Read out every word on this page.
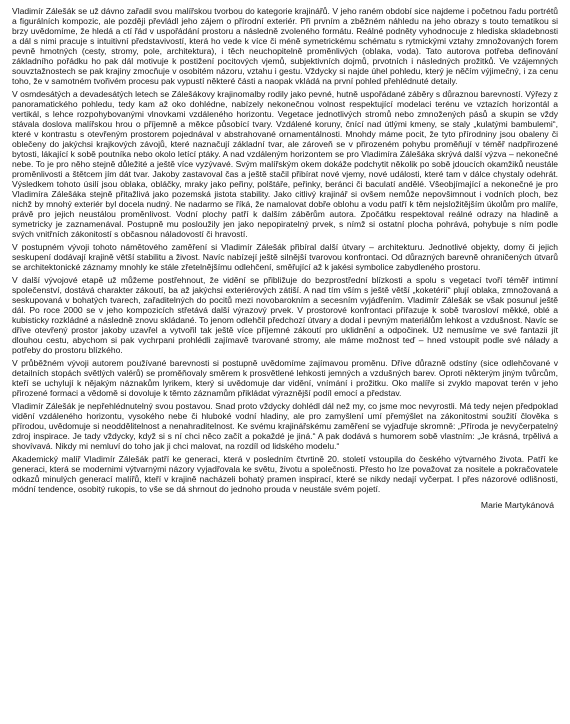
Vladimír Zálešák se už dávno zařadil svou malířskou tvorbou do kategorie krajinářů. V jeho raném období sice najdeme i početnou řadu portrétů a figurálních kompozic, ale později převládl jeho zájem o přírodní exteriér. Při prvním a zběžném náhledu na jeho obrazy s touto tematikou si brzy uvědomíme, že hledá a ctí řád v uspořádání prostoru a následně zvoleného formátu. Reálné podněty vyhodnocuje z hlediska skladebnosti a dál s nimi pracuje s intuitivní představivostí, která ho vede k více či méně symetrickému schématu s rytmickými vztahy zmnožovaných forem pevně hmotných (cesty, stromy, pole, architektura), i těch neuchopitelně proměnlivých (oblaka, voda). Tato autorova potřeba definování základního pořádku ho pak dál motivuje k postižení pocitových vjemů, subjektivních dojmů, prvotních i následných prožitků. Ve vzájemných souvztažnostech se pak krajiny zmocňuje v osobitém názoru, vztahu i gestu. Vždycky si najde úhel pohledu, který je něčím výjimečný, i za cenu toho, že v samotném tvořivém procesu pak vypustí některé části a naopak vkládá na první pohled přehlédnuté detaily.

V osmdesátých a devadesátých letech se Zálešákovy krajinomalby rodily jako pevné, hutně uspořádané záběry s důraznou barevností. Výřezy z panoramatického pohledu, tedy kam až oko dohlédne, nabízely nekonečnou volnost respektující modelaci terénu ve vztazích horizontál a vertikál, s lehce rozpohybovanými vlnovkami vzdáleného horizontu. Vegetace jednotlivých stromů nebo zmnožených pásů a skupin se vždy stávala doslova malířskou hrou o příjemně a měkce působící tvary. Vzdálené koruny, čnící nad útlými kmeny, se staly „kulatými bambulemi“, které v kontrastu s otevřeným prostorem pojednával v abstrahované ornamentálnosti. Mnohdy máme pocit, že tyto přírodniny jsou obaleny či oblečeny do jakýchsi krajkových závojů, které naznačují základní tvar, ale zároveň se v přirozeném pohybu proměňují v téměř nadpřirozené bytosti, lákající k sobě poutníka nebo okolo letící ptáky. A nad vzdáleným horizontem se pro Vladimíra Zálešáka skrývá další výzva – nekonečné nebe. To je pro něho stejně důležité a ještě více vyzývavé. Svým malířským okem dokáže podchytit několik po sobě jdoucích okamžiků neustále proměnlivosti a štětcem jím dát tvar. Jakoby zastavoval čas a ještě stačil přibírat nové vjemy, nové události, které tam v dálce chystaly odehrát. Výsledkem tohoto úsilí jsou oblaka, obláčky, mraky jako peřiny, polštáře, peřinky, beránci či baculatí andělé. Všeobjímající a nekonečné je pro Vladimíra Zálešáka stejně přitažlivá jako pozemská jistota stability. Jako citlivý krajinář si ovšem nemůže nepovšimnout i vodních ploch, bez nichž by mnohý exteriér byl docela nudný. Ne nadarmo se říká, že namalovat dobře oblohu a vodu patří k těm nejsložitějším úkolům pro malíře, právě pro jejich neustálou proměnlivost. Vodní plochy patří k dalším záběrům autora. Zpočátku respektoval reálné odrazy na hladině a symetricky je zaznamenával. Postupně mu posloužily jen jako nepopiratelný prvek, s nímž si ostatní plocha pohrává, pohybuje s ním podle svých vnitřních zákonitostí s občasnou náladovostí či hravostí.

V postupném vývoji tohoto námětového zaměření si Vladimír Zálešák přibíral další útvary – architekturu. Jednotlivé objekty, domy či jejich seskupení dodávají krajině větší stabilitu a živost. Navíc nabízejí ještě silnější tvarovou konfrontaci. Od důrazných barevně ohraničených útvarů se architektonické záznamy mnohly ke stále zřetelnějšímu odlehčení, směřující až k jakési symbolice zabydleného prostoru.

V další vývojové etapě už můžeme postřehnout, že vidění se přibližuje do bezprostřední blízkosti a spolu s vegetací tvoří téměř intimní společenství, dostává charakter zákoutí, ba až jakýchsi exteriérových zátiší. A nad tím vším s ještě větší „koketérií“ plují oblaka, zmnožovaná a seskupovaná v bohatých tvarech, zařaditelných do pocitů mezi novobarokním a secesním vyjádřením. Vladimír Zálešák se však posunul ještě dál. Po roce 2000 se v jeho kompozicích střetává další výrazový prvek. V prostorové konfrontaci přiřazuje k sobě tvarosloví měkké, oblé a kubisticky rozkládné a následně znovu skládané. To jenom odlehčil předchozí útvary a dodal i pevným materiálům lehkost a vzdušnost. Navíc se dříve otevřený prostor jakoby uzavřel a vytvořil tak ještě více příjemné zákoutí pro uklidnění a odpočinek. Už nemusíme ve své fantazii jít dlouhou cestu, abychom si pak vychrpani prohlédli zajímavě tvarované stromy, ale máme možnost teď – hned vstoupit podle své nálady a potřeby do prostoru blízkého.

V průběžném vývoji autorem používané barevnosti si postupně uvědomíme zajímavou proměnu. Dříve důrazně odstíny (sice odlehčované v detailních stopách světlých valérů) se proměňovaly směrem k prosvětlené lehkosti jemných a vzdušných barev. Oproti některým jiným tvůrcům, kteří se uchylují k nějakým náznakům lyrikem, který si uvědomuje dar vidění, vnímání i prožitku. Oko malíře si zvyklo mapovat terén v jeho přirozené formaci a vědomě si dovoluje k těmto záznamům přikládat výraznější podíl emocí a představ.

Vladimír Zálešák je nepřehlédnutelný svou postavou. Snad proto vždycky dohlédl dál než my, co jsme moc nevyrostli. Má tedy nejen předpoklad vidění vzdáleného horizontu, vysokého nebe či hluboké vodní hladiny, ale pro zamyšlení umí přemýšlet na zákonitostmi soužití člověka s přírodou, uvědomuje si neoddělitelnost a nenahraditelnost. Ke svému krajinářskému zaměření se vyjadřuje skromně: „Příroda je nevyčerpatelný zdroj inspirace. Je tady vždycky, když si s ní chci něco začít a pokaždé je jiná.“ A pak dodává s humorem sobě vlastním: „Je krásná, trpělivá a shovívavá. Nikdy mi nemluví do toho jak ji chci malovat, na rozdíl od lidského modelu.“

Akademický malíř Vladimír Zálešák patří ke generaci, která v posledním čtvrtině 20. století vstoupila do českého výtvarného života. Patří ke generaci, která se modernimi výtvarnými názory vyjadřovala ke světu, životu a společnosti. Přesto ho lze považovat za nositele a pokračovatele odkazů minulých generací malířů, kteří v krajině nacházeli bohatý pramen inspirací, které se nikdy nedají vyčerpat. I přes názorové odlišnosti, módní tendence, osobitý rukopis, to vše se dá shrnout do jednoho prouda v neustále svém pojetí.

Marie Martykánová
